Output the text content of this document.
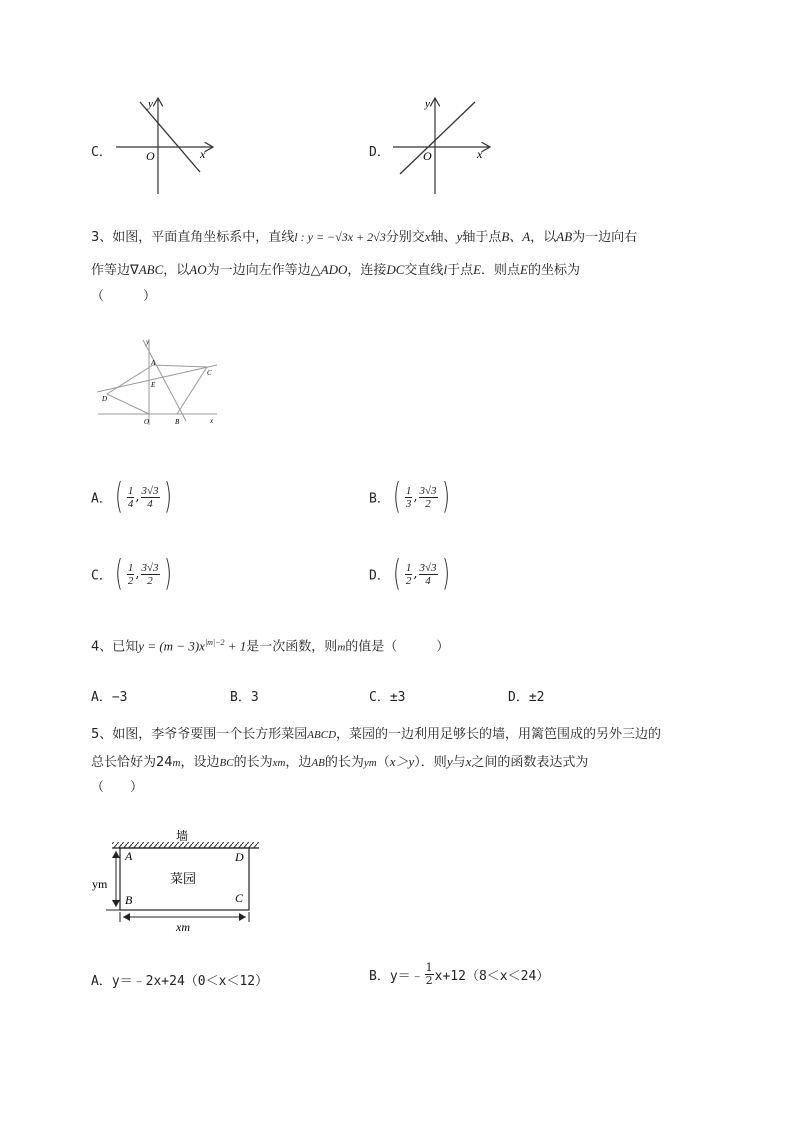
C．
y
x
O	D．
y
x
O
3、如图，平面直角坐标系中，直线l : y = −√3x + 2√3分别交x轴、y轴于点B、A，以AB为一边向右
作等边∇ABC，以AO为一边向左作等边△ADO，连接DC交直线l于点E．则点E的坐标为
（　　　）
y
A
C
E
D
O	B	x
A．( $\frac{1}{4}$ , $\frac{3√3}{4}$ )	B．( $\frac{1}{3}$ , $\frac{3√3}{2}$ )
C．( $\frac{1}{2}$ , $\frac{3√3}{2}$ )	D．( $\frac{1}{2}$ , $\frac{3√3}{4}$ )
4、已知$y = (m - 3)x^{|m|-2} + 1$是一次函数，则m的值是（　　　）
A．−3	B．3	C．±3	D．±2
5、如图，李爷爷要围一个长方形菜园ABCD，菜园的一边利用足够长的墙，用篱笆围成的另外三边的
总长恰好为24m，设边BC的长为xm，边AB的长为ym（x＞y）．则y与x之间的函数表达式为
（　　）
墙
A	D
B	C
菜园
ym
xm
A．y＝﹣2x+24（0＜x＜12）	B．y＝﹣ $\frac{1}{2} x+12(8<x<24)$
